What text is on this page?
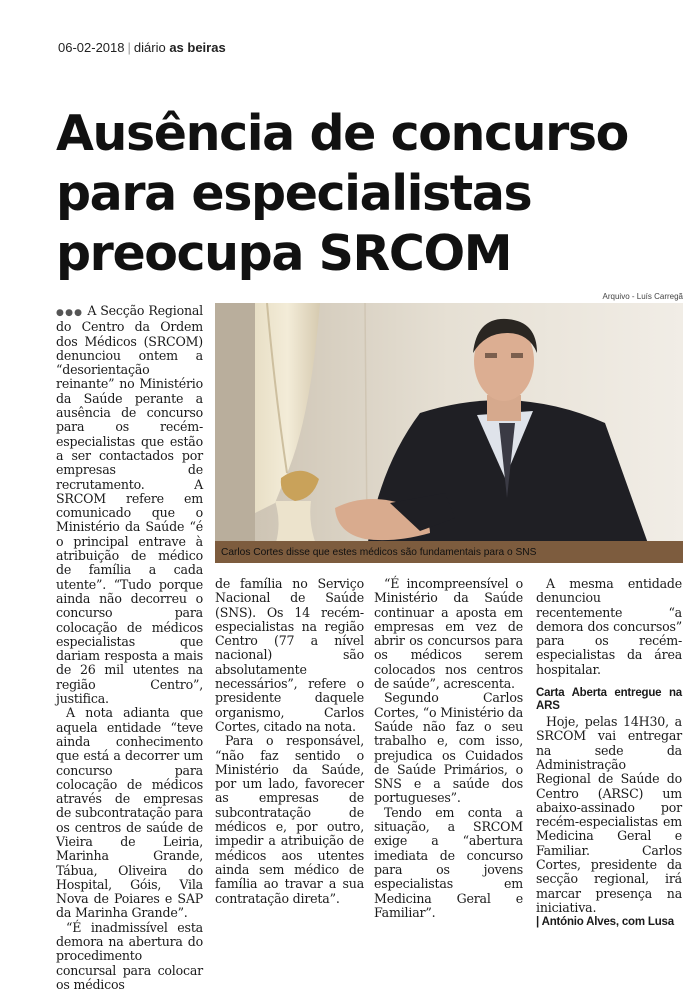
06-02-2018 | diário as beiras
Ausência de concurso para especialistas preocupa SRCOM
Arquivo - Luís Carregã
Carlos Cortes disse que estes médicos são fundamentais para o SNS

●●● A Secção Regional do Centro da Ordem dos Médicos (SRCOM) denunciou ontem a “desorientação reinante” no Ministério da Saúde perante a ausência de concurso para os recém-especialistas que estão a ser contactados por empresas de recrutamento. A SRCOM refere em comunicado que o Ministério da Saúde “é o principal entrave à atribuição de médico de família a cada utente”. “Tudo porque ainda não decorreu o concurso para colocação de médicos especialistas que dariam resposta a mais de 26 mil utentes na região Centro”, justifica.

A nota adianta que aquela entidade “teve ainda conhecimento que está a decorrer um concurso para colocação de médicos através de empresas de subcontratação para os centros de saúde de Vieira de Leiria, Marinha Grande, Tábua, Oliveira do Hospital, Góis, Vila Nova de Poiares e SAP da Marinha Grande”.

“É inadmissível esta demora na abertura do procedimento concursal para colocar os médicos

de família no Serviço Nacional de Saúde (SNS). Os 14 recém-especialistas na região Centro (77 a nível nacional) são absolutamente necessários”, refere o presidente daquele organismo, Carlos Cortes, citado na nota.

Para o responsável, “não faz sentido o Ministério da Saúde, por um lado, favorecer as empresas de subcontratação de médicos e, por outro, impedir a atribuição de médicos aos utentes ainda sem médico de família ao travar a sua contratação direta”.

“É incompreensível o Ministério da Saúde continuar a aposta em empresas em vez de abrir os concursos para os médicos serem colocados nos centros de saúde”, acrescenta.

Segundo Carlos Cortes, “o Ministério da Saúde não faz o seu trabalho e, com isso, prejudica os Cuidados de Saúde Primários, o SNS e a saúde dos portugueses”.

Tendo em conta a situação, a SRCOM exige a “abertura imediata de concurso para os jovens especialistas em Medicina Geral e Familiar”.

A mesma entidade denunciou recentemente “a demora dos concursos” para os recém-especialistas da área hospitalar.

Carta Aberta entregue na ARS

Hoje, pelas 14H30, a SRCOM vai entregar na sede da Administração Regional de Saúde do Centro (ARSC) um abaixo-assinado por recém-especialistas em Medicina Geral e Familiar. Carlos Cortes, presidente da secção regional, irá marcar presença na iniciativa.

| António Alves, com Lusa
